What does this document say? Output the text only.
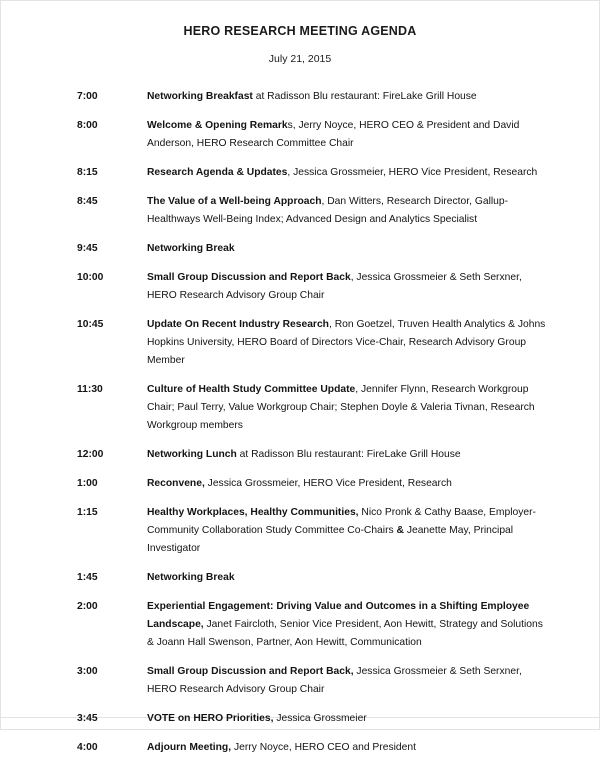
HERO RESEARCH MEETING AGENDA
July 21, 2015
7:00	Networking Breakfast at Radisson Blu restaurant: FireLake Grill House
8:00	Welcome & Opening Remarks, Jerry Noyce, HERO CEO & President and David Anderson, HERO Research Committee Chair
8:15	Research Agenda & Updates, Jessica Grossmeier, HERO Vice President, Research
8:45	The Value of a Well-being Approach, Dan Witters, Research Director, Gallup-Healthways Well-Being Index; Advanced Design and Analytics Specialist
9:45	Networking Break
10:00	Small Group Discussion and Report Back, Jessica Grossmeier & Seth Serxner, HERO Research Advisory Group Chair
10:45	Update On Recent Industry Research, Ron Goetzel, Truven Health Analytics & Johns Hopkins University, HERO Board of Directors Vice-Chair, Research Advisory Group Member
11:30	Culture of Health Study Committee Update, Jennifer Flynn, Research Workgroup Chair; Paul Terry, Value Workgroup Chair; Stephen Doyle & Valeria Tivnan, Research Workgroup members
12:00	Networking Lunch at Radisson Blu restaurant: FireLake Grill House
1:00	Reconvene, Jessica Grossmeier, HERO Vice President, Research
1:15	Healthy Workplaces, Healthy Communities, Nico Pronk & Cathy Baase, Employer-Community Collaboration Study Committee Co-Chairs & Jeanette May, Principal Investigator
1:45	Networking Break
2:00	Experiential Engagement: Driving Value and Outcomes in a Shifting Employee Landscape, Janet Faircloth, Senior Vice President, Aon Hewitt, Strategy and Solutions & Joann Hall Swenson, Partner, Aon Hewitt, Communication
3:00	Small Group Discussion and Report Back, Jessica Grossmeier & Seth Serxner, HERO Research Advisory Group Chair
3:45	VOTE on HERO Priorities, Jessica Grossmeier
4:00	Adjourn Meeting, Jerry Noyce, HERO CEO and President
